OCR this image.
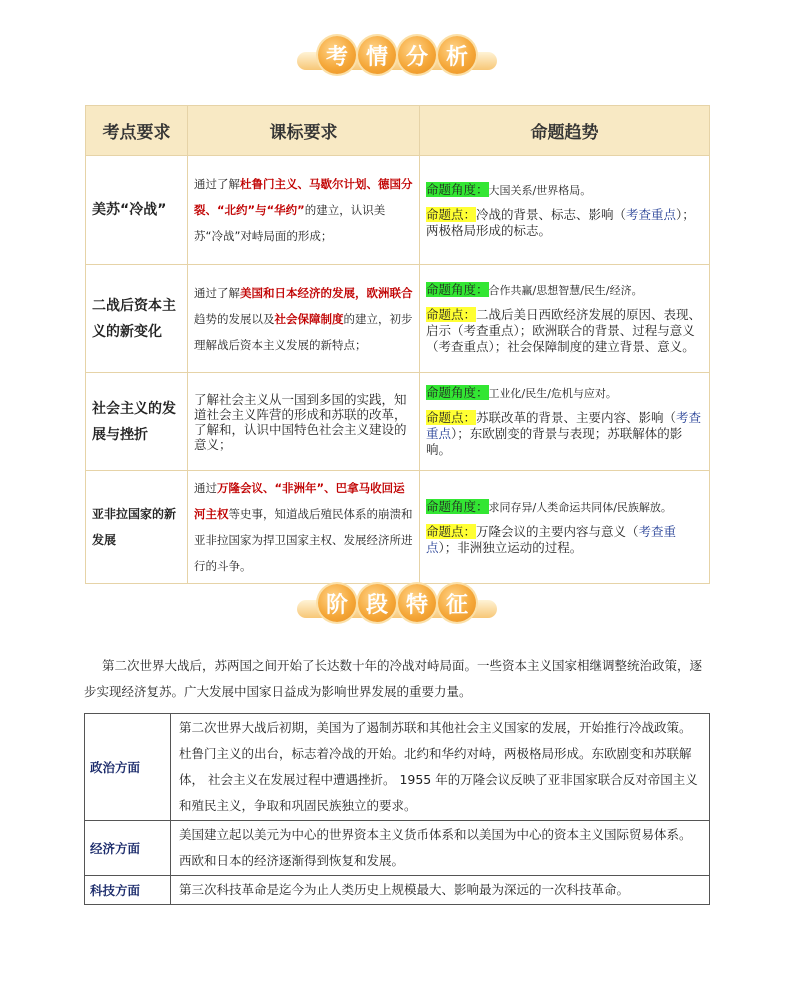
考 情 分 析
考点要求	课标要求	命题趋势
美苏“冷战”	通过了解杜鲁门主义、马歇尔计划、德国分裂、“北约”与“华约”的建立，认识美苏“冷战”对峙局面的形成；	命题角度：大国关系/世界格局。
命题点：冷战的背景、标志、影响（考查重点）；两极格局形成的标志。
二战后资本主义的新变化	通过了解美国和日本经济的发展，欧洲联合趋势的发展以及社会保障制度的建立，初步理解战后资本主义发展的新特点；	命题角度：合作共赢/思想智慧/民生/经济。
命题点：二战后美日西欧经济发展的原因、表现、启示（考查重点）；欧洲联合的背景、过程与意义（考查重点）；社会保障制度的建立背景、意义。
社会主义的发展与挫折	了解社会主义从一国到多国的实践，知道社会主义阵营的形成和苏联的改革，了解和，认识中国特色社会主义建设的意义；	命题角度：工业化/民生/危机与应对。
命题点：苏联改革的背景、主要内容、影响（考查重点）；东欧剧变的背景与表现；苏联解体的影响。
亚非拉国家的新发展	通过万隆会议、“非洲年”、巴拿马收回运河主权等史事，知道战后殖民体系的崩溃和亚非拉国家为捍卫国家主权、发展经济所进行的斗争。	命题角度：求同存异/人类命运共同体/民族解放。
命题点：万隆会议的主要内容与意义（考查重点）；非洲独立运动的过程。
阶 段 特 征
第二次世界大战后，苏两国之间开始了长达数十年的冷战对峙局面。一些资本主义国家相继调整统治政策，逐步实现经济复苏。广大发展中国家日益成为影响世界发展的重要力量。
政治方面	第二次世界大战后初期，美国为了遏制苏联和其他社会主义国家的发展，开始推行冷战政策。杜鲁门主义的出台，标志着冷战的开始。北约和华约对峙，两极格局形成。东欧剧变和苏联解体， 社会主义在发展过程中遭遇挫折。 1955 年的万隆会议反映了亚非国家联合反对帝国主义和殖民主义，争取和巩固民族独立的要求。
经济方面	美国建立起以美元为中心的世界资本主义货币体系和以美国为中心的资本主义国际贸易体系。西欧和日本的经济逐渐得到恢复和发展。
科技方面	第三次科技革命是迄今为止人类历史上规模最大、影响最为深远的一次科技革命。
